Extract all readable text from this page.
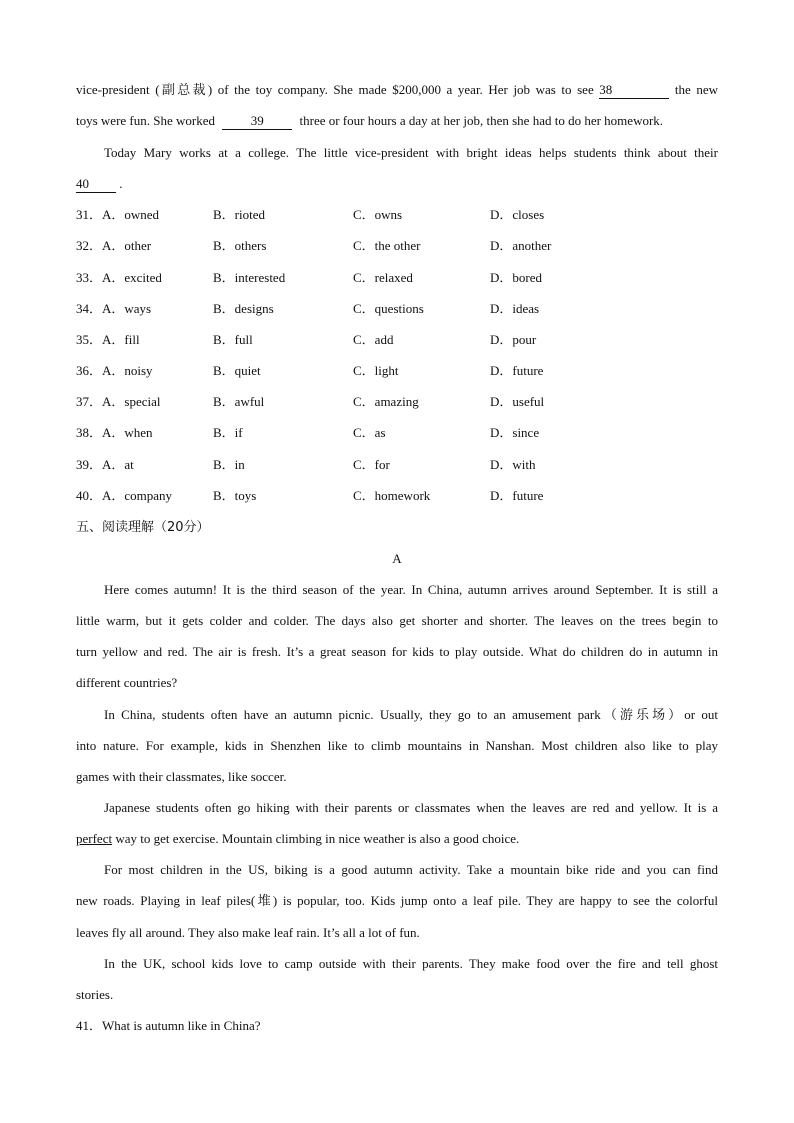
vice-president (副总裁) of the toy company. She made $200,000 a year. Her job was to see 38	the new
toys were fun. She worked	39	three or four hours a day at her job, then she had to do her homework.
Today Mary works at a college. The little vice-president with bright ideas helps students think about their
40 .
31． A．owned	B．rioted	C．owns	D．closes
32． A．other	B．others	C．the other	D．another
33． A．excited	B．interested	C．relaxed	D．bored
34． A．ways	B．designs	C．questions	D．ideas
35． A．fill	B．full	C．add	D．pour
36． A．noisy	B．quiet	C．light	D．future
37． A．special	B．awful	C．amazing	D．useful
38． A．when	B．if	C．as	D．since
39． A．at	B．in	C．for	D．with
40． A．company	B．toys	C．homework	D．future
五、阅读理解（20分）
A
Here comes autumn! It is the third season of the year. In China, autumn arrives around September. It is still a
little warm, but it gets colder and colder. The days also get shorter and shorter. The leaves on the trees begin to
turn yellow and red. The air is fresh. It’s a great season for kids to play outside. What do children do in autumn in
different countries?
In China, students often have an autumn picnic. Usually, they go to an amusement park（游乐场）or out
into nature. For example, kids in Shenzhen like to climb mountains in Nanshan. Most children also like to play
games with their classmates, like soccer.
Japanese students often go hiking with their parents or classmates when the leaves are red and yellow. It is a
perfect way to get exercise. Mountain climbing in nice weather is also a good choice.
For most children in the US, biking is a good autumn activity. Take a mountain bike ride and you can find
new roads. Playing in leaf piles(堆) is popular, too. Kids jump onto a leaf pile. They are happy to see the colorful
leaves fly all around. They also make leaf rain. It’s all a lot of fun.
In the UK, school kids love to camp outside with their parents. They make food over the fire and tell ghost
stories.
41．What is autumn like in China?
